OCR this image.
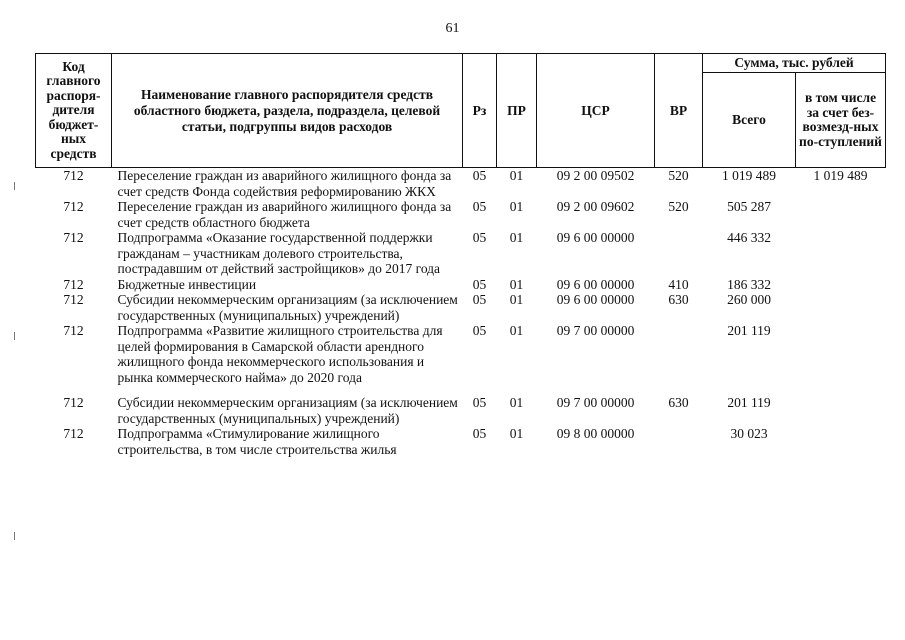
61
Код главного распоря-дителя бюджет-ных средств	Наименование главного распорядителя средств областного бюджета, раздела, подраздела, целевой статьи, подгруппы видов расходов	Рз	ПР	ЦСР	ВР	Сумма, тыс. рублей	
						Всего	в том числе за счет без-возмезд-ных по-ступлений
712	Переселение граждан из аварийного жилищного фонда за счет средств Фонда содействия реформированию ЖКХ	05	01	09 2 00 09502	520	1 019 489	1 019 489
712	Переселение граждан из аварийного жилищного фонда за счет средств областного бюджета	05	01	09 2 00 09602	520	505 287	
712	Подпрограмма «Оказание государственной поддержки гражданам – участникам долевого строительства, пострадавшим от действий застройщиков» до 2017 года	05	01	09 6 00 00000		446 332	
712	Бюджетные инвестиции	05	01	09 6 00 00000	410	186 332	
712	Субсидии некоммерческим организациям (за исключением государственных (муниципальных) учреждений)	05	01	09 6 00 00000	630	260 000	
712	Подпрограмма «Развитие жилищного строительства для целей формирования в Самарской области арендного жилищного фонда некоммерческого использования и рынка коммерческого найма» до 2020 года	05	01	09 7 00 00000		201 119	
712	Субсидии некоммерческим организациям (за исключением государственных (муниципальных) учреждений)	05	01	09 7 00 00000	630	201 119	
712	Подпрограмма «Стимулирование жилищного строительства, в том числе строительства жилья	05	01	09 8 00 00000		30 023	
